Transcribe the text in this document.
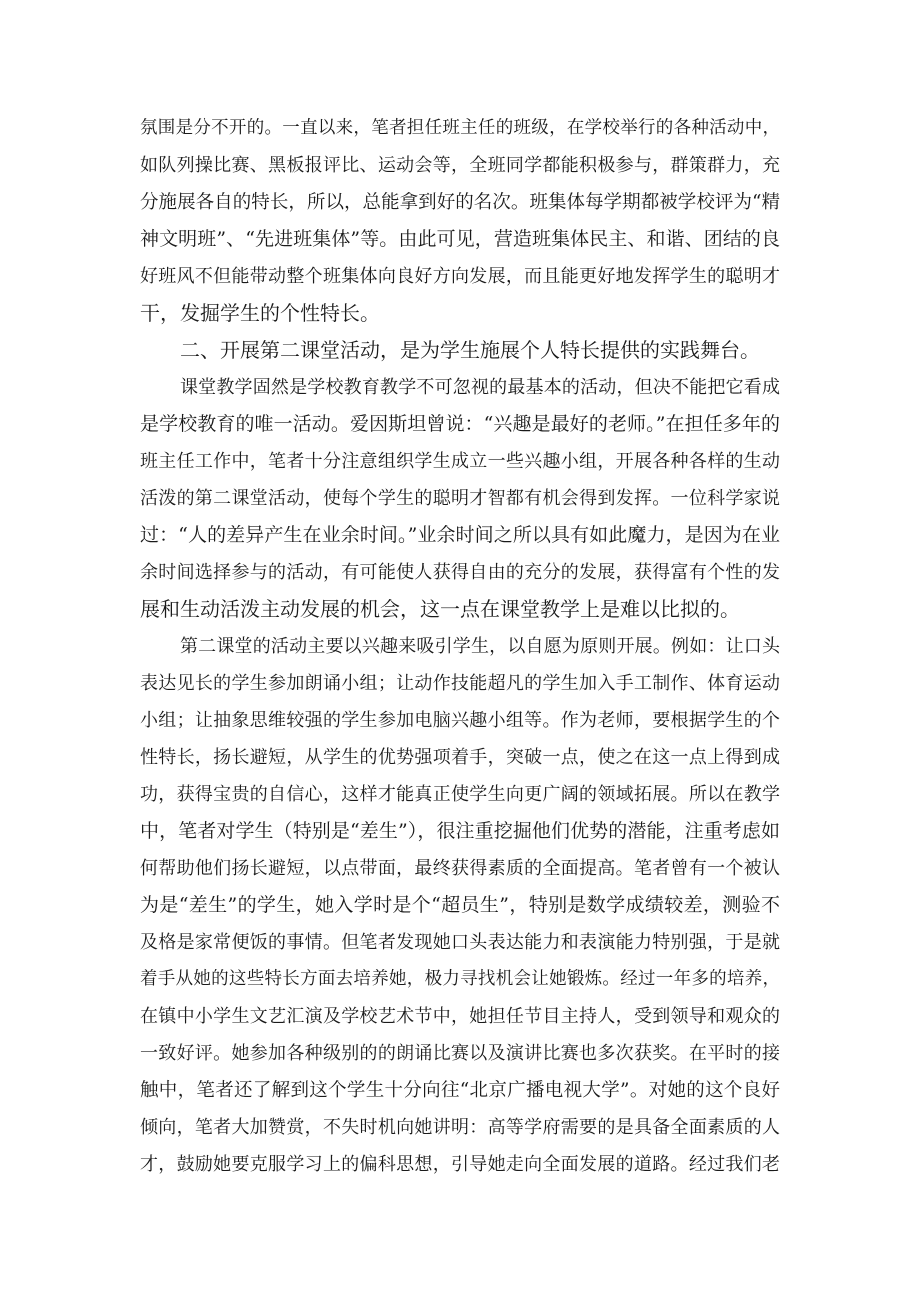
氛围是分不开的。一直以来，笔者担任班主任的班级，在学校举行的各种活动中，
如队列操比赛、黑板报评比、运动会等，全班同学都能积极参与，群策群力，充
分施展各自的特长，所以，总能拿到好的名次。班集体每学期都被学校评为“精
神文明班”、“先进班集体”等。由此可见，营造班集体民主、和谐、团结的良
好班风不但能带动整个班集体向良好方向发展，而且能更好地发挥学生的聪明才
干，发掘学生的个性特长。
二、开展第二课堂活动，是为学生施展个人特长提供的实践舞台。
课堂教学固然是学校教育教学不可忽视的最基本的活动，但决不能把它看成
是学校教育的唯一活动。爱因斯坦曾说：“兴趣是最好的老师。”在担任多年的
班主任工作中，笔者十分注意组织学生成立一些兴趣小组，开展各种各样的生动
活泼的第二课堂活动，使每个学生的聪明才智都有机会得到发挥。一位科学家说
过：“人的差异产生在业余时间。”业余时间之所以具有如此魔力，是因为在业
余时间选择参与的活动，有可能使人获得自由的充分的发展，获得富有个性的发
展和生动活泼主动发展的机会，这一点在课堂教学上是难以比拟的。
第二课堂的活动主要以兴趣来吸引学生，以自愿为原则开展。例如：让口头
表达见长的学生参加朗诵小组；让动作技能超凡的学生加入手工制作、体育运动
小组；让抽象思维较强的学生参加电脑兴趣小组等。作为老师，要根据学生的个
性特长，扬长避短，从学生的优势强项着手，突破一点，使之在这一点上得到成
功，获得宝贵的自信心，这样才能真正使学生向更广阔的领域拓展。所以在教学
中，笔者对学生（特别是“差生”），很注重挖掘他们优势的潜能，注重考虑如
何帮助他们扬长避短，以点带面，最终获得素质的全面提高。笔者曾有一个被认
为是“差生”的学生，她入学时是个“超员生”，特别是数学成绩较差，测验不
及格是家常便饭的事情。但笔者发现她口头表达能力和表演能力特别强，于是就
着手从她的这些特长方面去培养她，极力寻找机会让她锻炼。经过一年多的培养，
在镇中小学生文艺汇演及学校艺术节中，她担任节目主持人，受到领导和观众的
一致好评。她参加各种级别的的朗诵比赛以及演讲比赛也多次获奖。在平时的接
触中，笔者还了解到这个学生十分向往“北京广播电视大学”。对她的这个良好
倾向，笔者大加赞赏，不失时机向她讲明：高等学府需要的是具备全面素质的人
才，鼓励她要克服学习上的偏科思想，引导她走向全面发展的道路。经过我们老
